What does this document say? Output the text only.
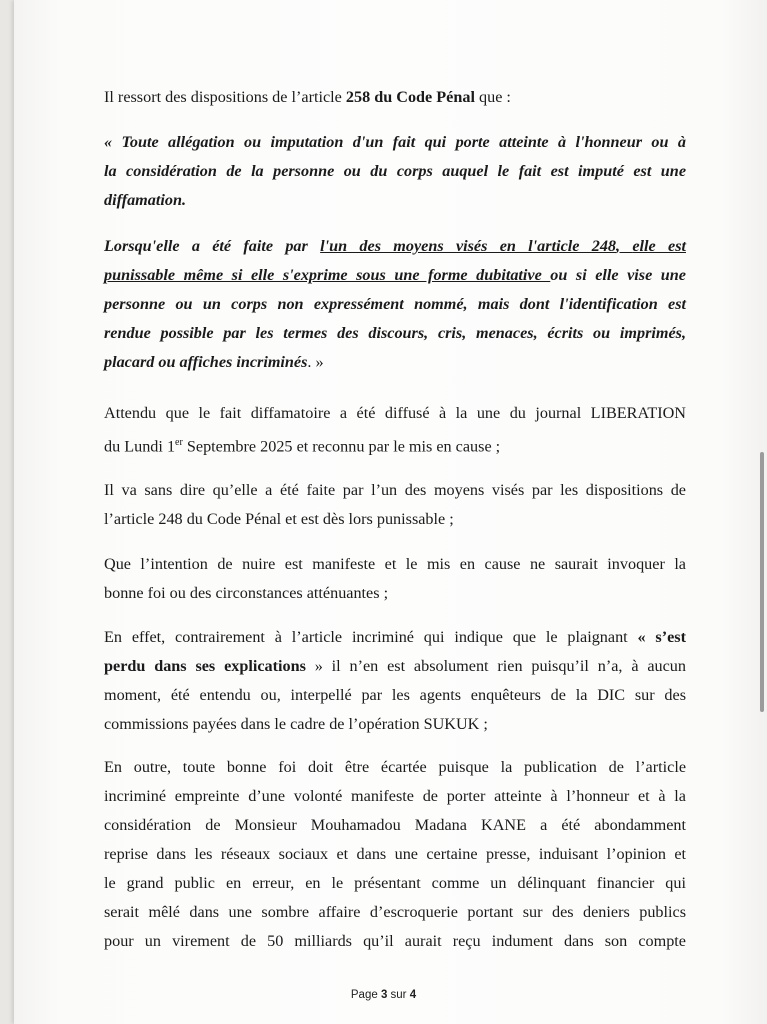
Il ressort des dispositions de l’article 258 du Code Pénal que :

« Toute allégation ou imputation d'un fait qui porte atteinte à l'honneur ou à

la considération de la personne ou du corps auquel le fait est imputé est une

diffamation.

Lorsqu'elle a été faite par l'un des moyens visés en l'article 248, elle est

punissable même si elle s'exprime sous une forme dubitative ou si elle vise une

personne ou un corps non expressément nommé, mais dont l'identification est

rendue possible par les termes des discours, cris, menaces, écrits ou imprimés,

placard ou affiches incriminés. »

Attendu que le fait diffamatoire a été diffusé à la une du journal LIBERATION

du Lundi 1er Septembre 2025 et reconnu par le mis en cause ;

Il va sans dire qu’elle a été faite par l’un des moyens visés par les dispositions de

l’article 248 du Code Pénal et est dès lors punissable ;

Que l’intention de nuire est manifeste et le mis en cause ne saurait invoquer la

bonne foi ou des circonstances atténuantes ;

En effet, contrairement à l’article incriminé qui indique que le plaignant « s’est

perdu dans ses explications » il n’en est absolument rien puisqu’il n’a, à aucun

moment, été entendu ou, interpellé par les agents enquêteurs de la DIC sur des

commissions payées dans le cadre de l’opération SUKUK ;

En outre, toute bonne foi doit être écartée puisque la publication de l’article

incriminé empreinte d’une volonté manifeste de porter atteinte à l’honneur et à la

considération de Monsieur Mouhamadou Madana KANE a été abondamment

reprise dans les réseaux sociaux et dans une certaine presse, induisant l’opinion et

le grand public en erreur, en le présentant comme un délinquant financier qui

serait mêlé dans une sombre affaire d’escroquerie portant sur des deniers publics

pour un virement de 50 milliards qu’il aurait reçu indument dans son compte

Page 3 sur 4
